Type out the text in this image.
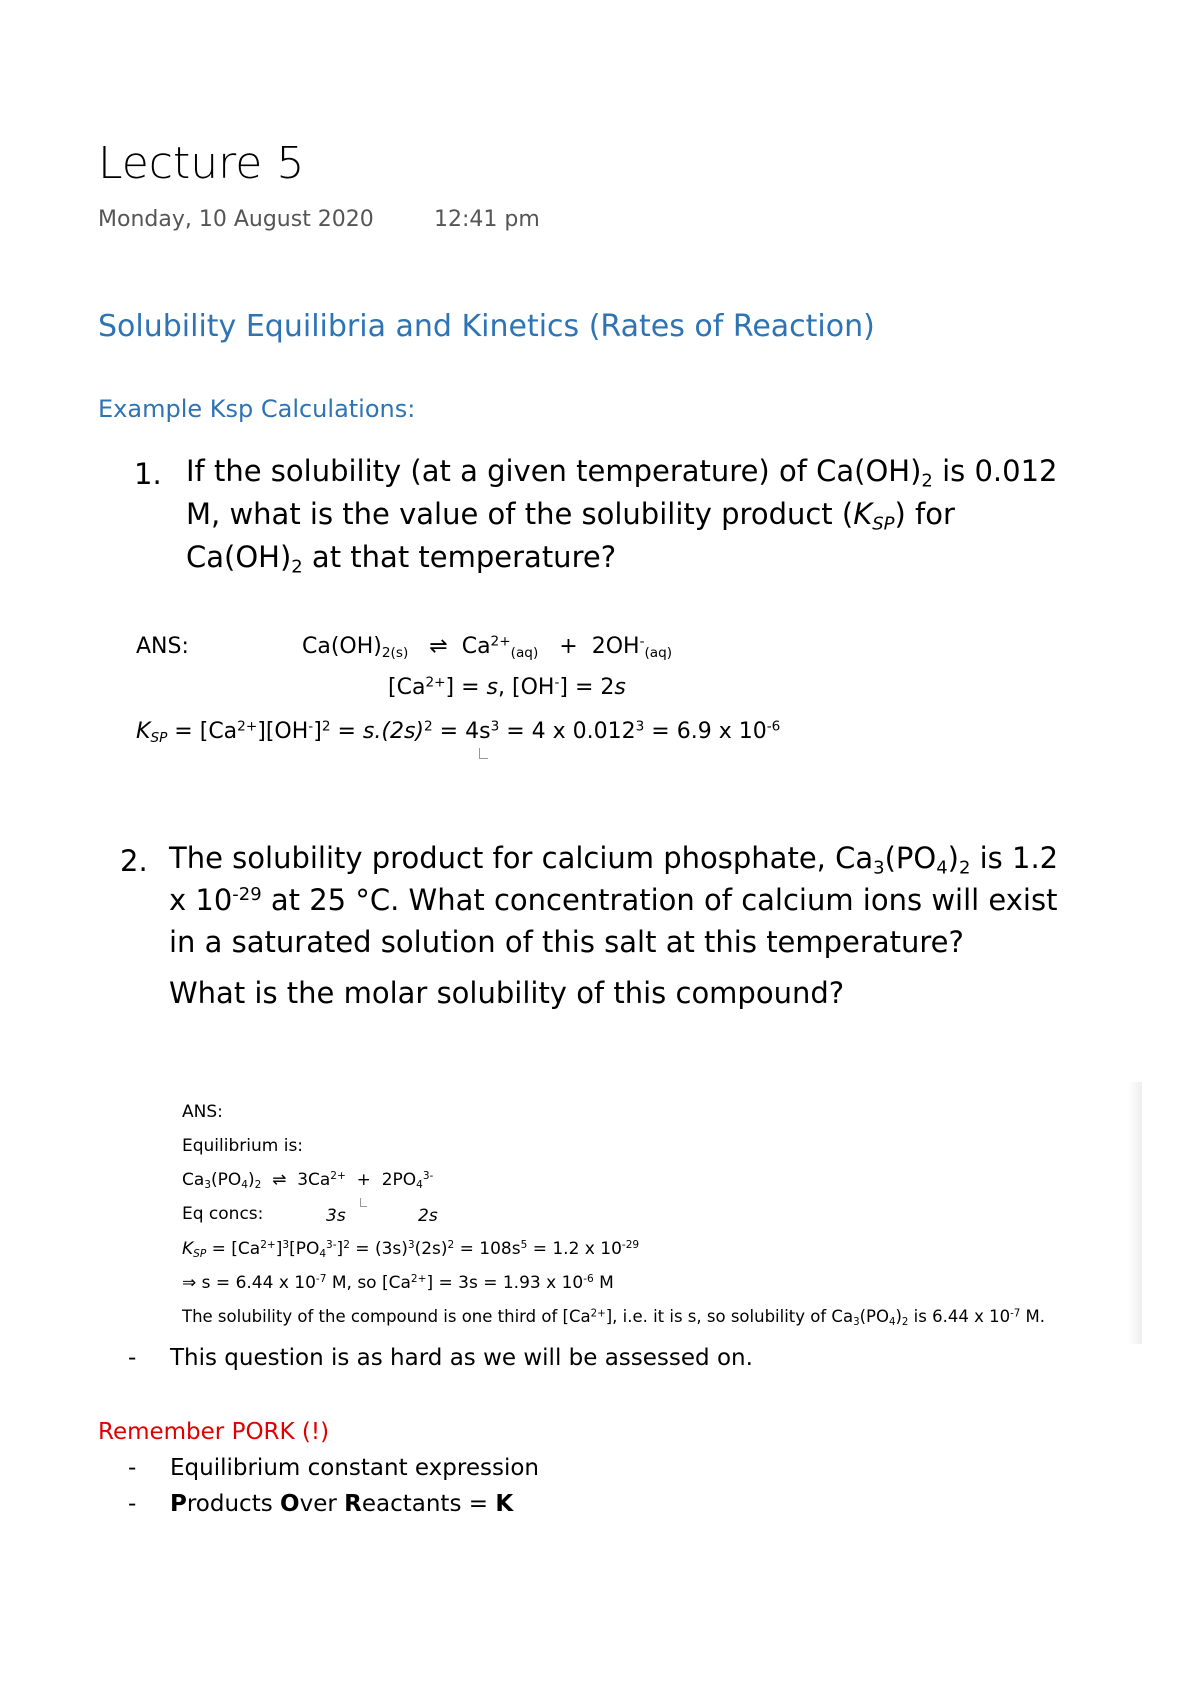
Lecture 5
Monday, 10 August 2020	12:41 pm
Solubility Equilibria and Kinetics (Rates of Reaction)
Example Ksp Calculations:
1. If the solubility (at a given temperature) of $Ca(OH)_2$ is 0.012
M, what is the value of the solubility product $(K_{SP})$ for
$Ca(OH)_2$ at that temperature?
ANS:	$Ca(OH)_{2(s)}$ ⇌ $Ca^{2+}_{(aq)} + 2OH^-_{(aq)}$
$[Ca^{2+}] = s$, [OH-] = 2s
$K_{SP} = [Ca^{2+}][OH^-]^2 = s.(2s)^2 = 4s^3 = 4$ x $0.012^3 = 6.9$ x $10^{-6}$
2. The solubility product for calcium phosphate, $Ca_3(PO_4)_2$ is 1.2
x $10^{-29}$ at 25 °C. What concentration of calcium ions will exist
in a saturated solution of this salt at this temperature?
What is the molar solubility of this compound?
ANS:
Equilibrium is:
$Ca_3(PO_4)_2$ ⇌ $3Ca^{2+} + 2PO_4^{3-}$
Eq concs:	3s	2s
$K_{SP} = [Ca^{2+}]^3[PO_4^{3-}]^2 = (3s)^3(2s)^2 = 108s^5 = 1.2$ x $10^{-29}$
⇒ s = 6.44 x $10^{-7}$ M, so $[Ca^{2+}] = 3s = 1.93$ x $10^{-6}$ M
The solubility of the compound is one third of $[Ca^{2+}]$, i.e. it is s, so solubility of $Ca_3(PO_4)_2$ is 6.44 x $10^{-7}$ M.
- This question is as hard as we will be assessed on.
Remember PORK (!)
- Equilibrium constant expression
- Products Over Reactants = K
